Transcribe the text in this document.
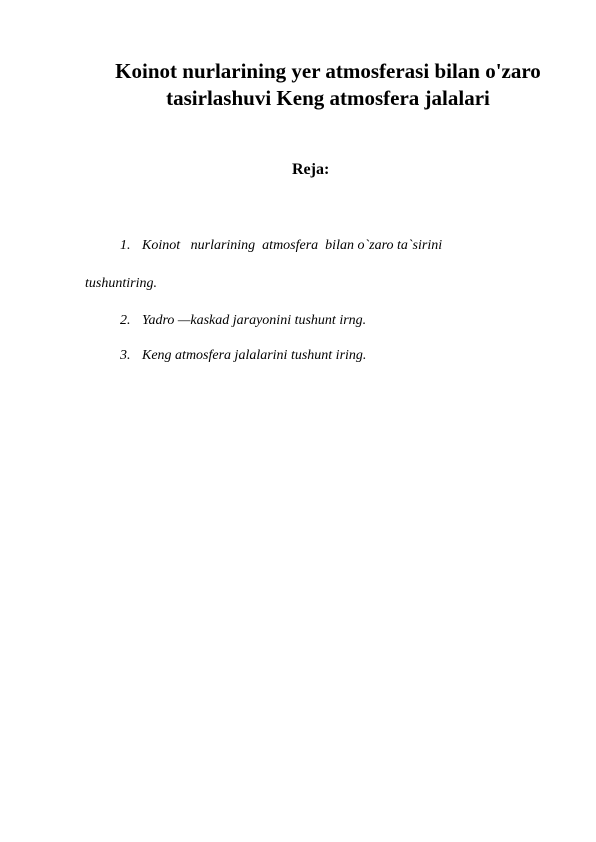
Koinot nurlarining yer atmosferasi bilan o'zaro
tasirlashuvi Keng atmosfera jalalari
Reja:
1. Koinot   nurlarining  atmosfera  bilan o`zaro ta`sirini
tushuntiring.
2. Yadro —kaskad jarayonini tushunt irng.
3. Keng atmosfera jalalarini tushunt iring.
